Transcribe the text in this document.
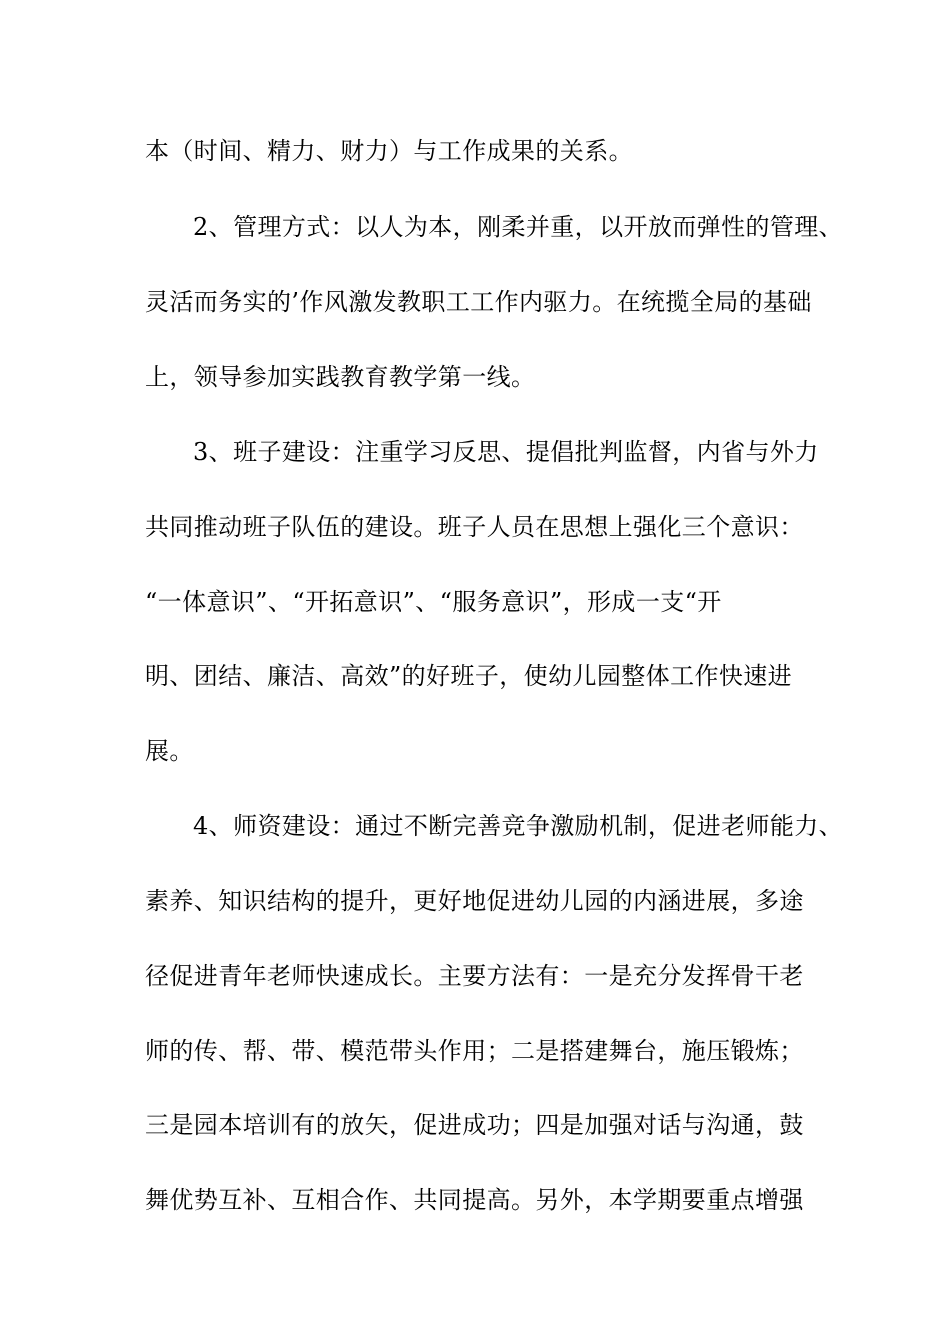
本（时间、精力、财力）与工作成果的关系。
2、管理方式：以人为本，刚柔并重，以开放而弹性的管理、
灵活而务实的’作风激发教职工工作内驱力。在统揽全局的基础
上，领导参加实践教育教学第一线。
3、班子建设：注重学习反思、提倡批判监督，内省与外力
共同推动班子队伍的建设。班子人员在思想上强化三个意识：
“一体意识”、“开拓意识”、“服务意识”，形成一支“开
明、团结、廉洁、高效”的好班子，使幼儿园整体工作快速进
展。
4、师资建设：通过不断完善竞争激励机制，促进老师能力、
素养、知识结构的提升，更好地促进幼儿园的内涵进展，多途
径促进青年老师快速成长。主要方法有：一是充分发挥骨干老
师的传、帮、带、模范带头作用；二是搭建舞台，施压锻炼；
三是园本培训有的放矢，促进成功；四是加强对话与沟通，鼓
舞优势互补、互相合作、共同提高。另外，本学期要重点增强
